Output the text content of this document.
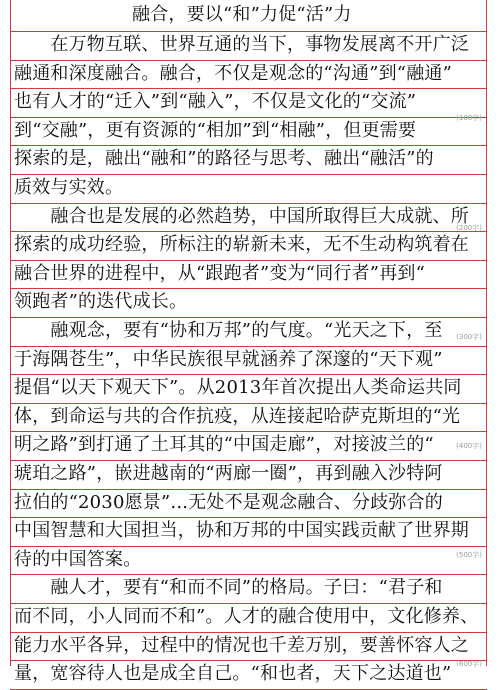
融合，要以“和”力促“活”力
　　在万物互联、世界互通的当下，事物发展离不开广泛
融通和深度融合。融合，不仅是观念的“沟通”到“融通”
也有人才的“迁入”到“融入”，不仅是文化的“交流”
到“交融”，更有资源的“相加”到“相融”，但更需要
探索的是，融出“融和”的路径与思考、融出“融活”的
质效与实效。
　　融合也是发展的必然趋势，中国所取得巨大成就、所
探索的成功经验，所标注的崭新未来，无不生动构筑着在
融合世界的进程中，从“跟跑者”变为“同行者”再到“
领跑者”的迭代成长。
　　融观念，要有“协和万邦”的气度。“光天之下，至
于海隅苍生”，中华民族很早就涵养了深邃的“天下观”
提倡“以天下观天下”。从2013年首次提出人类命运共同
体，到命运与共的合作抗疫，从连接起哈萨克斯坦的“光
明之路”到打通了土耳其的“中国走廊”，对接波兰的“
琥珀之路”，嵌进越南的“两廊一圈”，再到融入沙特阿
拉伯的“2030愿景”...无处不是观念融合、分歧弥合的
中国智慧和大国担当，协和万邦的中国实践贡献了世界期
待的中国答案。
　　融人才，要有“和而不同”的格局。子曰：“君子和
而不同，小人同而不和”。人才的融合使用中，文化修养、
能力水平各异，过程中的情况也千差万别，要善怀容人之
量，宽容待人也是成全自己。“和也者，天下之达道也”
(100字)
(200字)
(300字)
(400字)
(500字)
(600字)
